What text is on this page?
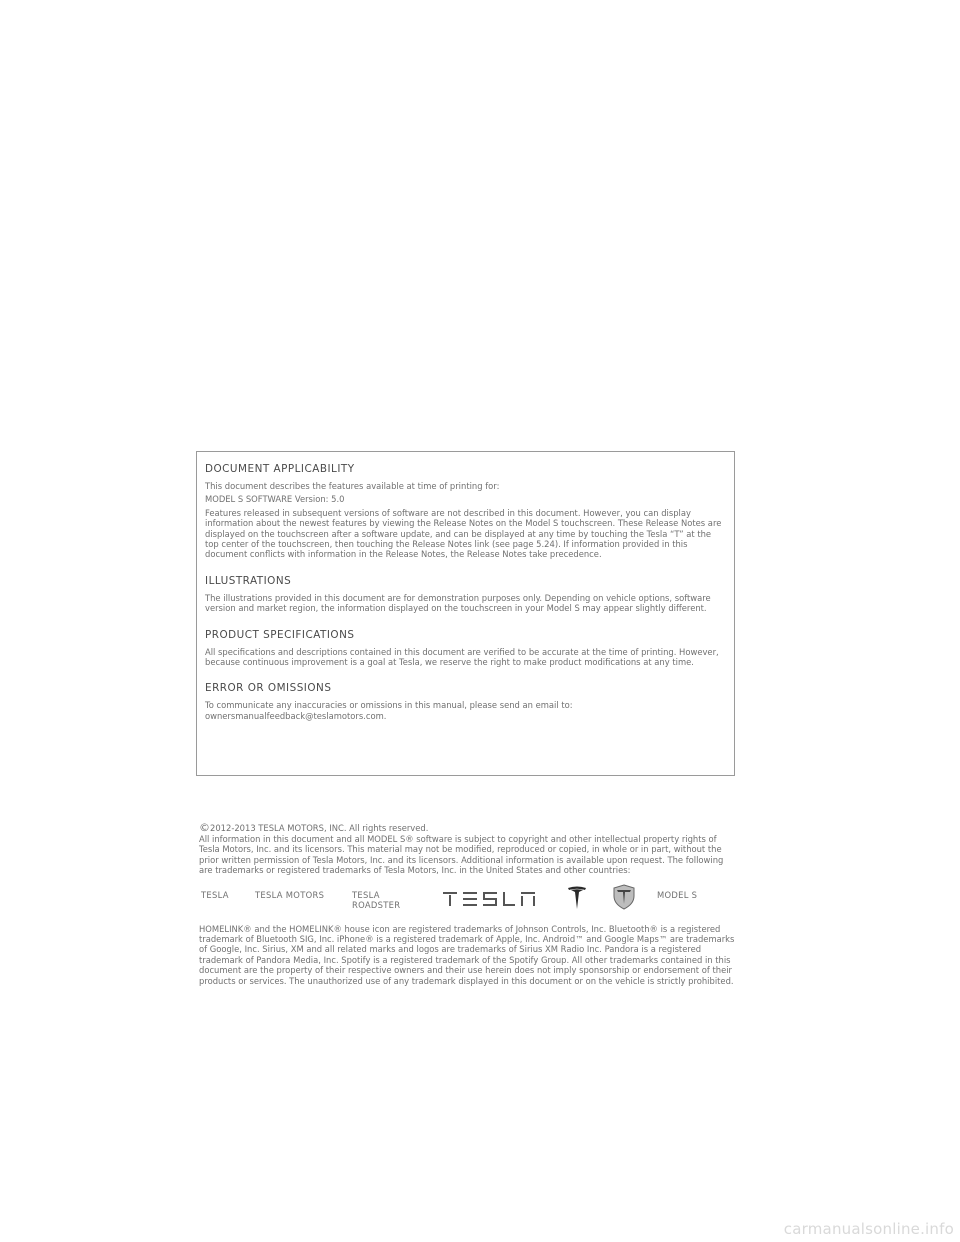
DOCUMENT APPLICABILITY
This document describes the features available at time of printing for:
MODEL S SOFTWARE Version: 5.0
Features released in subsequent versions of software are not described in this document. However, you can display information about the newest features by viewing the Release Notes on the Model S touchscreen. These Release Notes are displayed on the touchscreen after a software update, and can be displayed at any time by touching the Tesla “T” at the top center of the touchscreen, then touching the Release Notes link (see page 5.24). If information provided in this document conflicts with information in the Release Notes, the Release Notes take precedence.
ILLUSTRATIONS
The illustrations provided in this document are for demonstration purposes only. Depending on vehicle options, software version and market region, the information displayed on the touchscreen in your Model S may appear slightly different.
PRODUCT SPECIFICATIONS
All specifications and descriptions contained in this document are verified to be accurate at the time of printing. However, because continuous improvement is a goal at Tesla, we reserve the right to make product modifications at any time.
ERROR OR OMISSIONS
To communicate any inaccuracies or omissions in this manual, please send an email to:
ownersmanualfeedback@teslamotors.com.
©2012-2013 TESLA MOTORS, INC. All rights reserved.
All information in this document and all MODEL S® software is subject to copyright and other intellectual property rights of Tesla Motors, Inc. and its licensors. This material may not be modified, reproduced or copied, in whole or in part, without the prior written permission of Tesla Motors, Inc. and its licensors. Additional information is available upon request. The following are trademarks or registered trademarks of Tesla Motors, Inc. in the United States and other countries:
TESLA	TESLA MOTORS	TESLA
ROADSTER
MODEL S
HOMELINK® and the HOMELINK® house icon are registered trademarks of Johnson Controls, Inc. Bluetooth® is a registered trademark of Bluetooth SIG, Inc. iPhone® is a registered trademark of Apple, Inc. Android™ and Google Maps™ are trademarks of Google, Inc. Sirius, XM and all related marks and logos are trademarks of Sirius XM Radio Inc. Pandora is a registered trademark of Pandora Media, Inc. Spotify is a registered trademark of the Spotify Group. All other trademarks contained in this document are the property of their respective owners and their use herein does not imply sponsorship or endorsement of their products or services. The unauthorized use of any trademark displayed in this document or on the vehicle is strictly prohibited.
carmanualsonline.info
